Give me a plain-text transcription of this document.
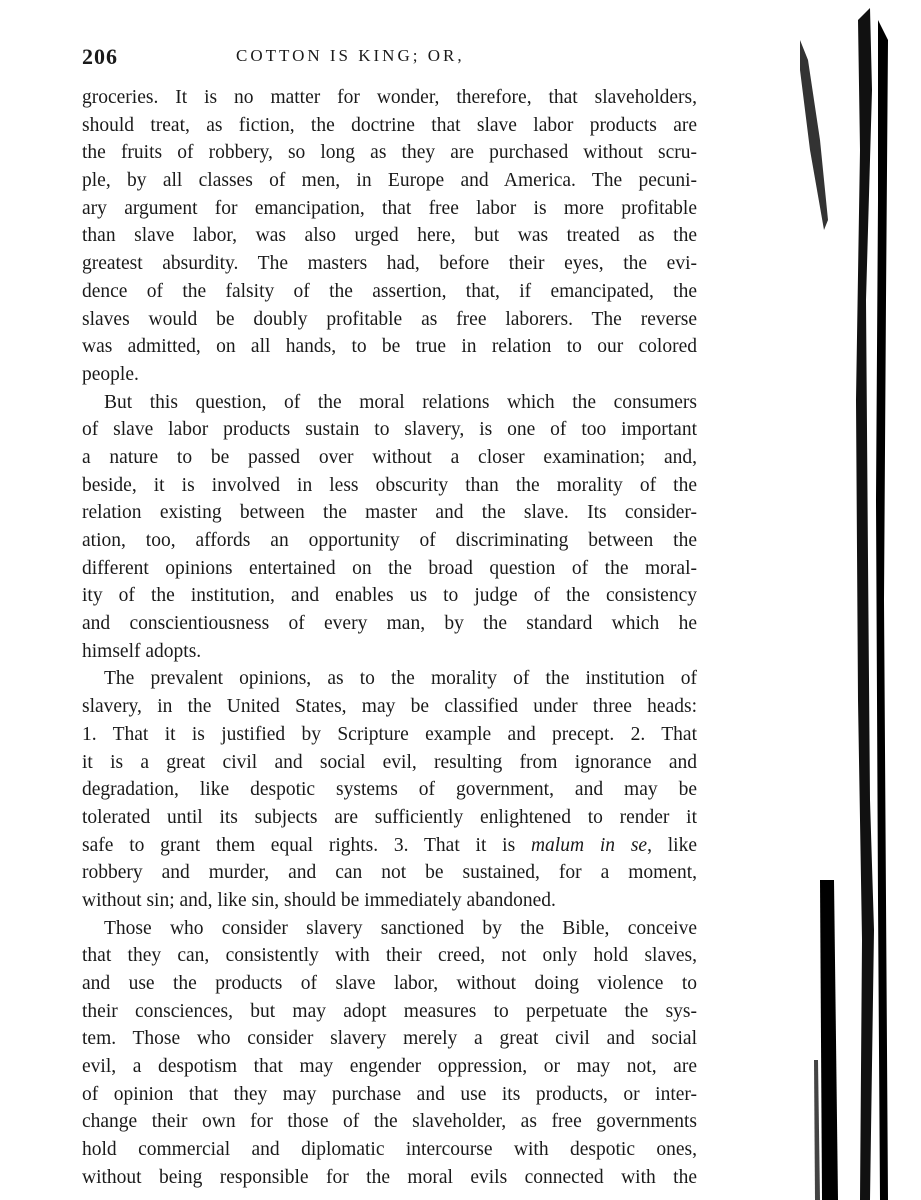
206	COTTON IS KING; OR,
groceries. It is no matter for wonder, therefore, that slaveholders,
should treat, as fiction, the doctrine that slave labor products are
the fruits of robbery, so long as they are purchased without scru-
ple, by all classes of men, in Europe and America. The pecuni-
ary argument for emancipation, that free labor is more profitable
than slave labor, was also urged here, but was treated as the
greatest absurdity. The masters had, before their eyes, the evi-
dence of the falsity of the assertion, that, if emancipated, the
slaves would be doubly profitable as free laborers. The reverse
was admitted, on all hands, to be true in relation to our colored
people.
But this question, of the moral relations which the consumers
of slave labor products sustain to slavery, is one of too important
a nature to be passed over without a closer examination; and,
beside, it is involved in less obscurity than the morality of the
relation existing between the master and the slave. Its consider-
ation, too, affords an opportunity of discriminating between the
different opinions entertained on the broad question of the moral-
ity of the institution, and enables us to judge of the consistency
and conscientiousness of every man, by the standard which he
himself adopts.
The prevalent opinions, as to the morality of the institution of
slavery, in the United States, may be classified under three heads:
1. That it is justified by Scripture example and precept. 2. That
it is a great civil and social evil, resulting from ignorance and
degradation, like despotic systems of government, and may be
tolerated until its subjects are sufficiently enlightened to render it
safe to grant them equal rights. 3. That it is malum in se, like
robbery and murder, and can not be sustained, for a moment,
without sin; and, like sin, should be immediately abandoned.
Those who consider slavery sanctioned by the Bible, conceive
that they can, consistently with their creed, not only hold slaves,
and use the products of slave labor, without doing violence to
their consciences, but may adopt measures to perpetuate the sys-
tem. Those who consider slavery merely a great civil and social
evil, a despotism that may engender oppression, or may not, are
of opinion that they may purchase and use its products, or inter-
change their own for those of the slaveholder, as free governments
hold commercial and diplomatic intercourse with despotic ones,
without being responsible for the moral evils connected with the
